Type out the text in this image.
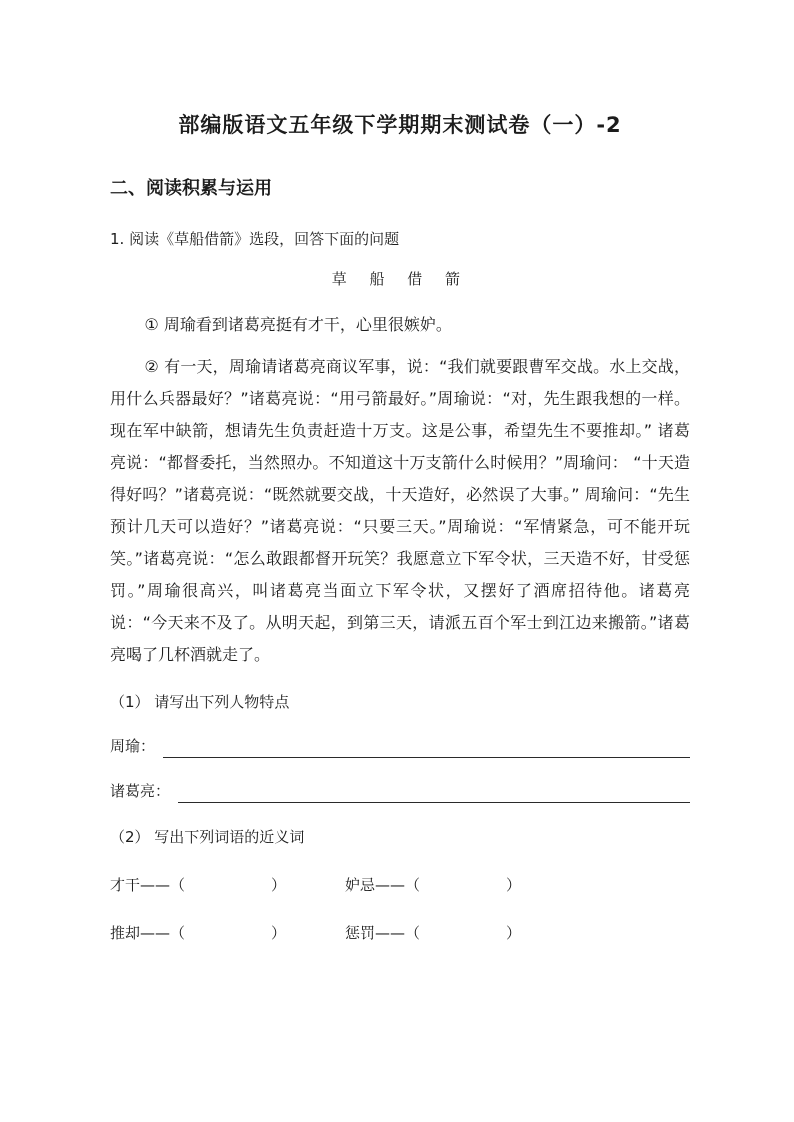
部编版语文五年级下学期期末测试卷（一）-2
二、阅读积累与运用

1. 阅读《草船借箭》选段，回答下面的问题

草 船 借 箭

① 周瑜看到诸葛亮挺有才干，心里很嫉妒。

② 有一天，周瑜请诸葛亮商议军事，说：“我们就要跟曹军交战。水上交战，用什么兵器最好？”诸葛亮说：“用弓箭最好。”周瑜说：“对，先生跟我想的一样。现在军中缺箭，想请先生负责赶造十万支。这是公事，希望先生不要推却。” 诸葛亮说：“都督委托，当然照办。不知道这十万支箭什么时候用？”周瑜问： “十天造得好吗？”诸葛亮说：“既然就要交战，十天造好，必然误了大事。” 周瑜问：“先生预计几天可以造好？”诸葛亮说：“只要三天。”周瑜说：“军情紧急，可不能开玩笑。”诸葛亮说：“怎么敢跟都督开玩笑？我愿意立下军令状，三天造不好，甘受惩罚。”周瑜很高兴，叫诸葛亮当面立下军令状，又摆好了酒席招待他。诸葛亮说：“今天来不及了。从明天起，到第三天，请派五百个军士到江边来搬箭。”诸葛亮喝了几杯酒就走了。

（1） 请写出下列人物特点

周瑜：
诸葛亮：

（2） 写出下列词语的近义词

才干 —— （	）	妒忌 —— （	）
推却 —— （	）	惩罚 —— （	）
